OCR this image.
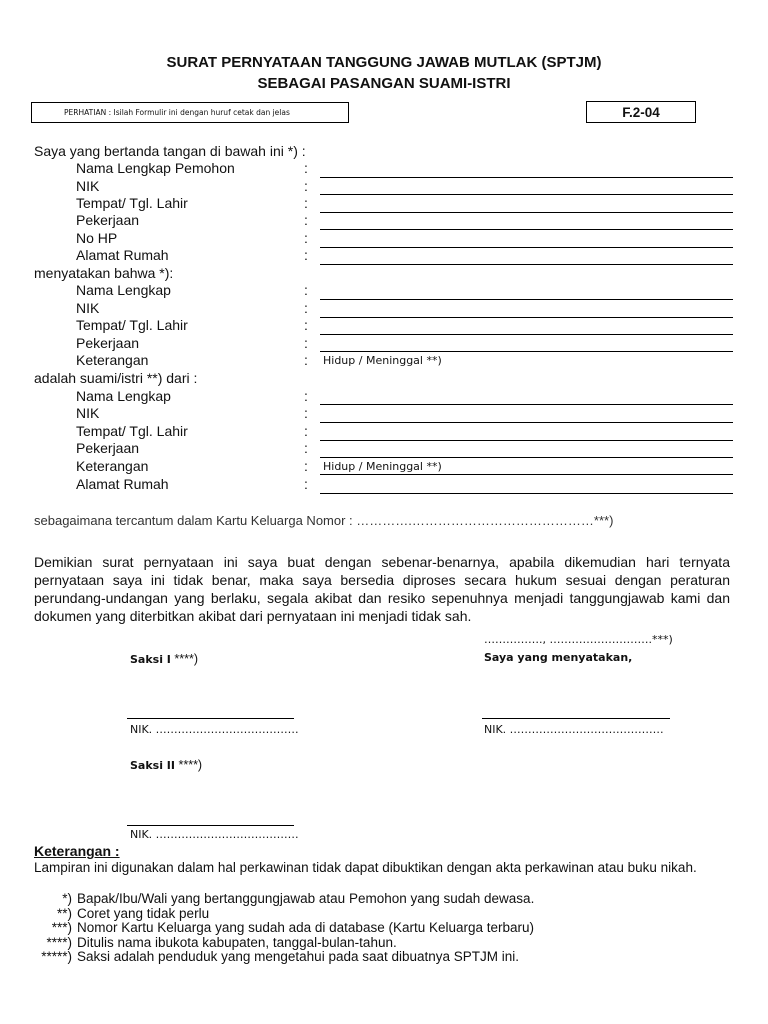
SURAT PERNYATAAN TANGGUNG JAWAB MUTLAK (SPTJM)
SEBAGAI PASANGAN SUAMI-ISTRI
PERHATIAN : Isilah Formulir ini dengan huruf cetak dan jelas	F.2-04
Saya yang bertanda tangan di bawah ini *) :
Nama Lengkap Pemohon	:
NIK	:
Tempat/ Tgl. Lahir	:
Pekerjaan	:
No HP	:
Alamat Rumah	:
menyatakan bahwa *):
Nama Lengkap	:
NIK	:
Tempat/ Tgl. Lahir	:
Pekerjaan	:
Keterangan	: Hidup / Meninggal **)
adalah suami/istri **) dari :
Nama Lengkap	:
NIK	:
Tempat/ Tgl. Lahir	:
Pekerjaan	:
Keterangan	: Hidup / Meninggal **)
Alamat Rumah	:
sebagaimana tercantum dalam Kartu Keluarga Nomor : ………….……………………………………***)
Demikian surat pernyataan ini saya buat dengan sebenar-benarnya, apabila dikemudian hari ternyata pernyataan saya ini tidak benar, maka saya bersedia diproses secara hukum sesuai dengan peraturan perundang-undangan yang berlaku, segala akibat dan resiko sepenuhnya menjadi tanggungjawab kami dan dokumen yang diterbitkan akibat dari pernyataan ini menjadi tidak sah.
……………., ……………………….***)
Saksi I ****)	Saya yang menyatakan,
NIK. …………………………………	NIK. ……………………………………
Saksi II ****)
NIK. …………………………………
Keterangan :
Lampiran ini digunakan dalam hal perkawinan tidak dapat dibuktikan dengan akta perkawinan atau buku nikah.
*) Bapak/Ibu/Wali yang bertanggungjawab atau Pemohon yang sudah dewasa.
**) Coret yang tidak perlu
***) Nomor Kartu Keluarga yang sudah ada di database (Kartu Keluarga terbaru)
****) Ditulis nama ibukota kabupaten, tanggal-bulan-tahun.
*****) Saksi adalah penduduk yang mengetahui pada saat dibuatnya SPTJM ini.
